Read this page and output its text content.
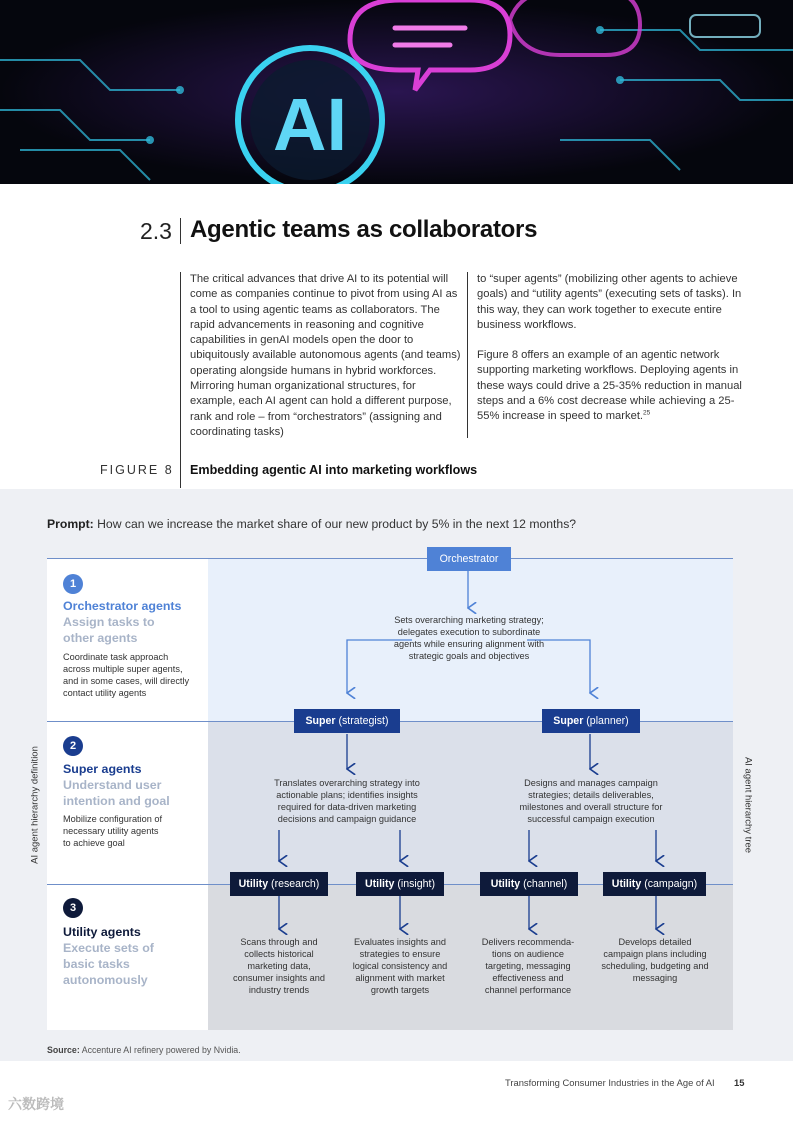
AI
2.3 Agentic teams as collaborators

The critical advances that drive AI to its potential will come as companies continue to pivot from using AI as a tool to using agentic teams as collaborators. The rapid advancements in reasoning and cognitive capabilities in genAI models open the door to ubiquitously available autonomous agents (and teams) operating alongside humans in hybrid workforces. Mirroring human organizational structures, for example, each AI agent can hold a different purpose, rank and role – from “orchestrators” (assigning and coordinating tasks)

to “super agents” (mobilizing other agents to achieve goals) and “utility agents” (executing sets of tasks). In this way, they can work together to execute entire business workflows.

Figure 8 offers an example of an agentic network supporting marketing workflows. Deploying agents in these ways could drive a 25-35% reduction in manual steps and a 6% cost decrease while achieving a 25-55% increase in speed to market.$^{25}$

FIGURE 8 Embedding agentic AI into marketing workflows
Prompt: How can we increase the market share of our new product by 5% in the next 12 months?
1
Orchestrator agents
Assign tasks to other agents
Coordinate task approach across multiple super agents, and in some cases, will directly contact utility agents
2
Super agents
Understand user intention and goal
Mobilize configuration of necessary utility agents to achieve goal
3
Utility agents
Execute sets of basic tasks autonomously
AI agent hierarchy definition	AI agent hierarchy tree
Orchestrator
Sets overarching marketing strategy; delegates execution to subordinate agents while ensuring alignment with strategic goals and objectives
Super (strategist)	Super (planner)
Translates overarching strategy into actionable plans; identifies insights required for data-driven marketing decisions and campaign guidance
Designs and manages campaign strategies; details deliverables, milestones and overall structure for successful campaign execution
Utility (research)	Utility (insight)	Utility (channel)	Utility (campaign)
Scans through and collects historical marketing data, consumer insights and industry trends
Evaluates insights and strategies to ensure logical consistency and alignment with market growth targets
Delivers recommenda-tions on audience targeting, messaging effectiveness and channel performance
Develops detailed campaign plans including scheduling, budgeting and messaging
Source: Accenture AI refinery powered by Nvidia.
Transforming Consumer Industries in the Age of AI 15
六数跨境
